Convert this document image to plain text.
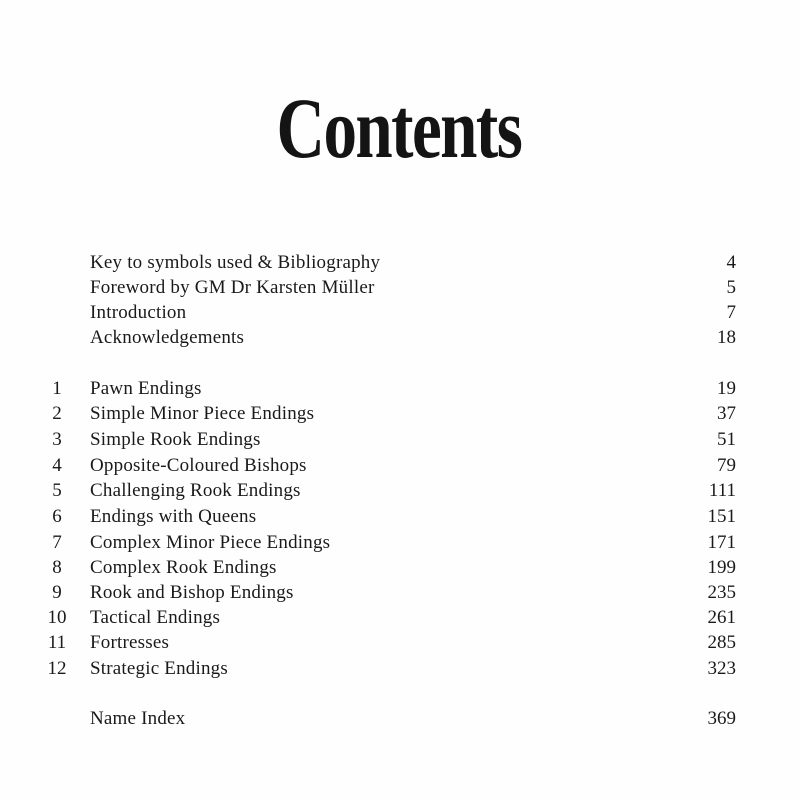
Contents
Key to symbols used & Bibliography	4
Foreword by GM Dr Karsten Müller	5
Introduction	7
Acknowledgements	18
1	Pawn Endings	19
2	Simple Minor Piece Endings	37
3	Simple Rook Endings	51
4	Opposite-Coloured Bishops	79
5	Challenging Rook Endings	111
6	Endings with Queens	151
7	Complex Minor Piece Endings	171
8	Complex Rook Endings	199
9	Rook and Bishop Endings	235
10	Tactical Endings	261
11	Fortresses	285
12	Strategic Endings	323
Name Index	369
